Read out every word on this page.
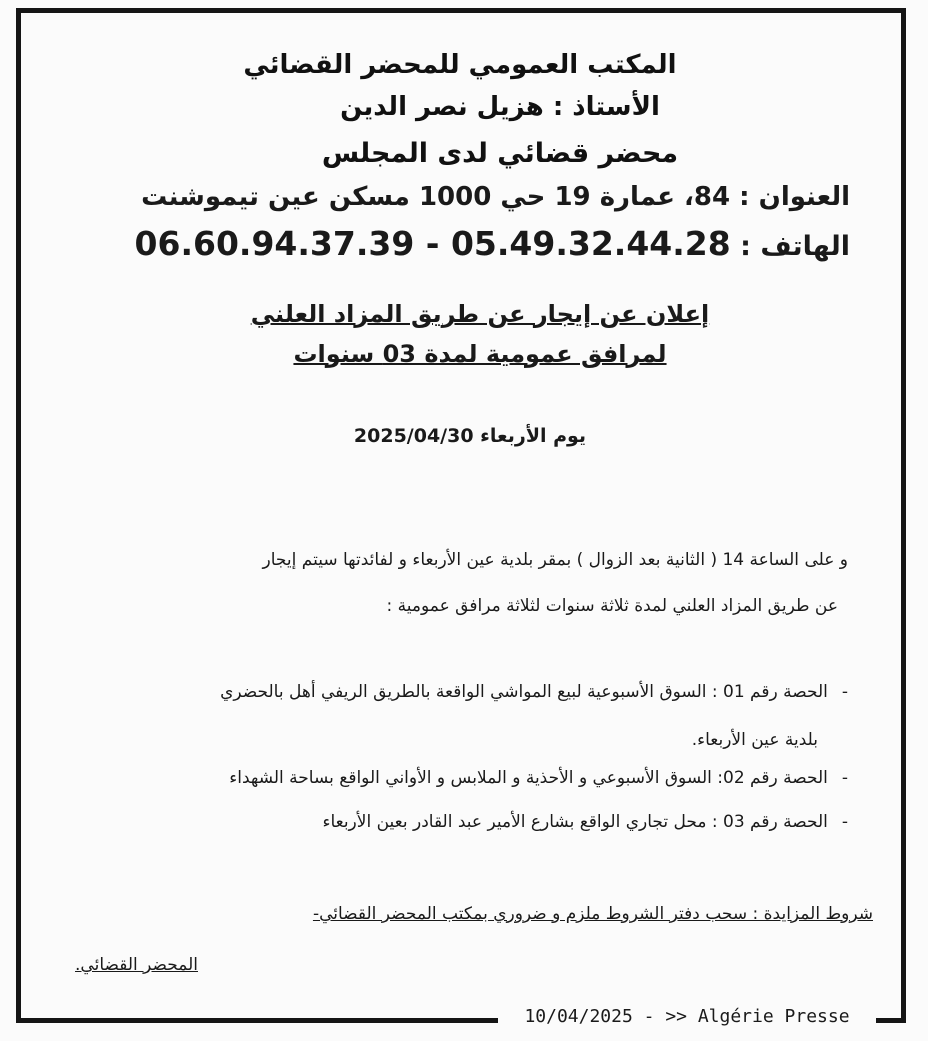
المكتب العمومي للمحضر القضائي
الأستاذ : هزيل نصر الدين
محضر قضائي لدى المجلس
العنوان : 84، عمارة 19 حي 1000 مسكن عين تيموشنت
الهاتف : 06.60.94.37.39 - 05.49.32.44.28
إعلان عن إيجار عن طريق المزاد العلني
لمرافق عمومية لمدة 03 سنوات
يوم الأربعاء 2025/04/30
و على الساعة 14 ( الثانية بعد الزوال ) بمقر بلدية عين الأربعاء و لفائدتها سيتم إيجار
عن طريق المزاد العلني لمدة ثلاثة سنوات لثلاثة مرافق عمومية :
-الحصة رقم 01 : السوق الأسبوعية لبيع المواشي الواقعة بالطريق الريفي أهل بالحضري
بلدية عين الأربعاء.
-الحصة رقم 02: السوق الأسبوعي و الأحذية و الملابس و الأواني الواقع بساحة الشهداء
-الحصة رقم 03 : محل تجاري الواقع بشارع الأمير عبد القادر بعين الأربعاء
شروط المزايدة : سحب دفتر الشروط ملزم و ضروري بمكتب المحضر القضائي-
المحضر القضائي.
10/04/2025 - >> Algérie Presse
